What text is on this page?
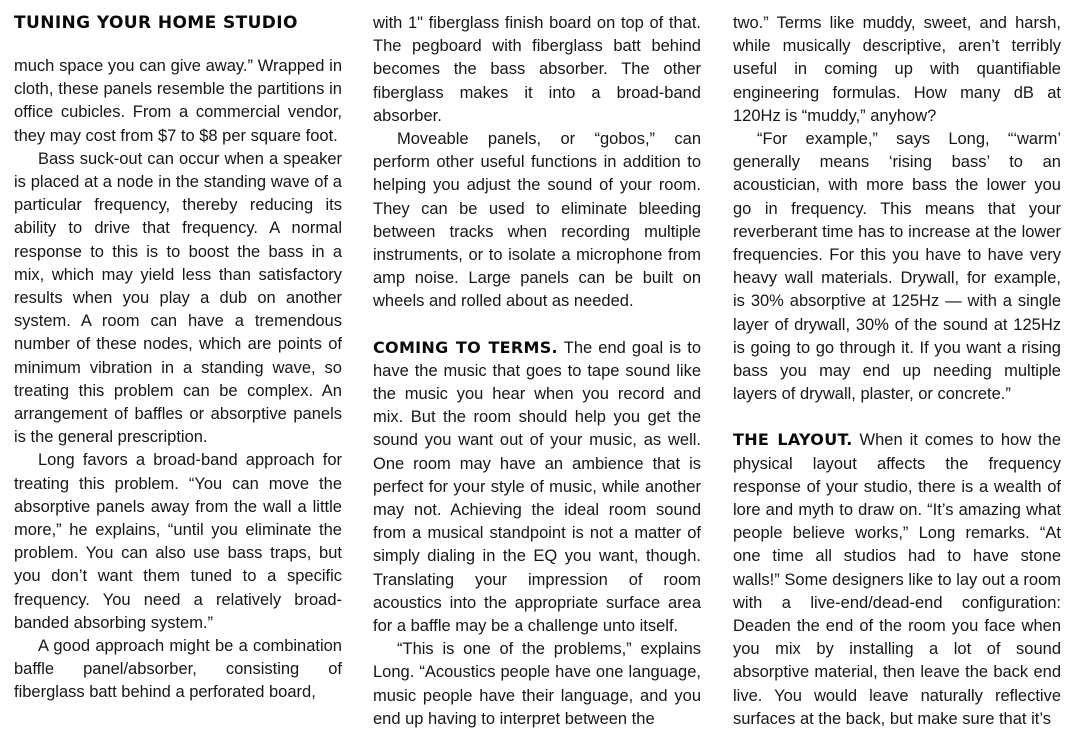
TUNING YOUR HOME STUDIO

much space you can give away.” Wrapped in cloth, these panels resemble the partitions in office cubicles. From a commercial vendor, they may cost from $7 to $8 per square foot.

Bass suck-out can occur when a speaker is placed at a node in the standing wave of a particular frequency, thereby reducing its ability to drive that frequency. A normal response to this is to boost the bass in a mix, which may yield less than satisfactory results when you play a dub on another system. A room can have a tremendous number of these nodes, which are points of minimum vibration in a standing wave, so treating this problem can be complex. An arrangement of baffles or absorptive panels is the general prescription.

Long favors a broad-band approach for treating this problem. “You can move the absorptive panels away from the wall a little more,” he explains, “until you eliminate the problem. You can also use bass traps, but you don’t want them tuned to a specific frequency. You need a relatively broad-banded absorbing system.”

A good approach might be a combination baffle panel/absorber, consisting of fiberglass batt behind a perforated board,

with 1" fiberglass finish board on top of that. The pegboard with fiberglass batt behind becomes the bass absorber. The other fiberglass makes it into a broad-band absorber.

Moveable panels, or “gobos,” can perform other useful functions in addition to helping you adjust the sound of your room. They can be used to eliminate bleeding between tracks when recording multiple instruments, or to isolate a microphone from amp noise. Large panels can be built on wheels and rolled about as needed.

COMING TO TERMS. The end goal is to have the music that goes to tape sound like the music you hear when you record and mix. But the room should help you get the sound you want out of your music, as well. One room may have an ambience that is perfect for your style of music, while another may not. Achieving the ideal room sound from a musical standpoint is not a matter of simply dialing in the EQ you want, though. Translating your impression of room acoustics into the appropriate surface area for a baffle may be a challenge unto itself.

“This is one of the problems,” explains Long. “Acoustics people have one language, music people have their language, and you end up having to interpret between the

two.” Terms like muddy, sweet, and harsh, while musically descriptive, aren’t terribly useful in coming up with quantifiable engineering formulas. How many dB at 120Hz is “muddy,” anyhow?

“For example,” says Long, “‘warm’ generally means ‘rising bass’ to an acoustician, with more bass the lower you go in frequency. This means that your reverberant time has to increase at the lower frequencies. For this you have to have very heavy wall materials. Drywall, for example, is 30% absorptive at 125Hz — with a single layer of drywall, 30% of the sound at 125Hz is going to go through it. If you want a rising bass you may end up needing multiple layers of drywall, plaster, or concrete.”

THE LAYOUT. When it comes to how the physical layout affects the frequency response of your studio, there is a wealth of lore and myth to draw on. “It’s amazing what people believe works,” Long remarks. “At one time all studios had to have stone walls!” Some designers like to lay out a room with a live-end/dead-end configuration: Deaden the end of the room you face when you mix by installing a lot of sound absorptive material, then leave the back end live. You would leave naturally reflective surfaces at the back, but make sure that it’s
